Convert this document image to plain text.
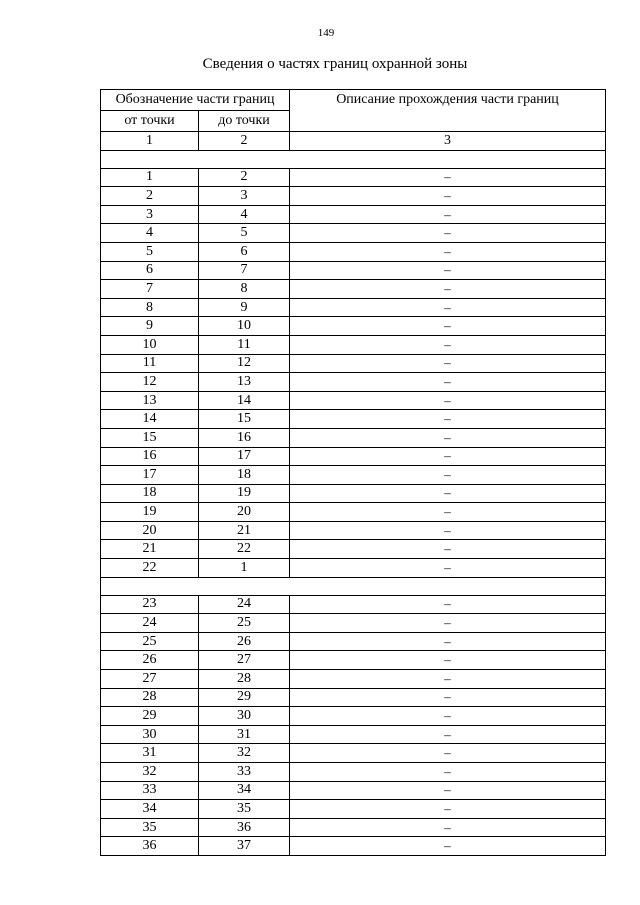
149
Сведения о частях границ охранной зоны
Обозначение части границ		Описание прохождения части границ
от точки	до точки	
1	2	3

1	2	–
2	3	–
3	4	–
4	5	–
5	6	–
6	7	–
7	8	–
8	9	–
9	10	–
10	11	–
11	12	–
12	13	–
13	14	–
14	15	–
15	16	–
16	17	–
17	18	–
18	19	–
19	20	–
20	21	–
21	22	–
22	1	–

23	24	–
24	25	–
25	26	–
26	27	–
27	28	–
28	29	–
29	30	–
30	31	–
31	32	–
32	33	–
33	34	–
34	35	–
35	36	–
36	37	–
